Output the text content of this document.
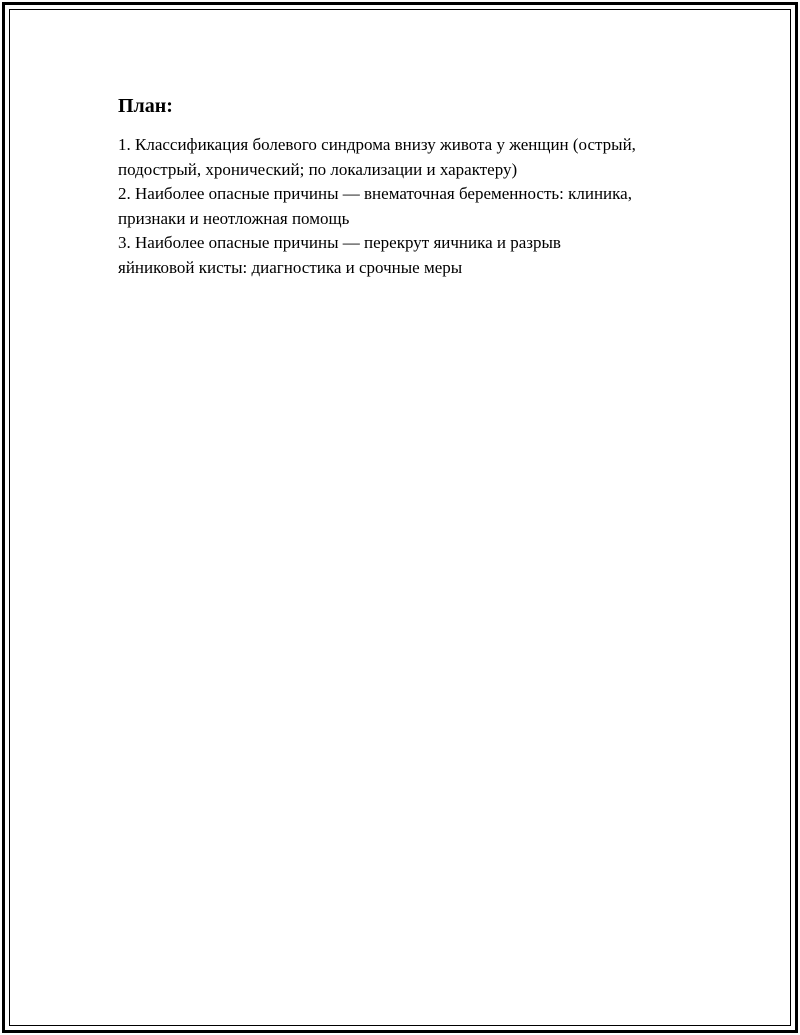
План:
1. Классификация болевого синдрома внизу живота у женщин (острый,
подострый, хронический; по локализации и характеру)
2. Наиболее опасные причины — внематочная беременность: клиника,
признаки и неотложная помощь
3. Наиболее опасные причины — перекрут яичника и разрыв
яйниковой кисты: диагностика и срочные меры
